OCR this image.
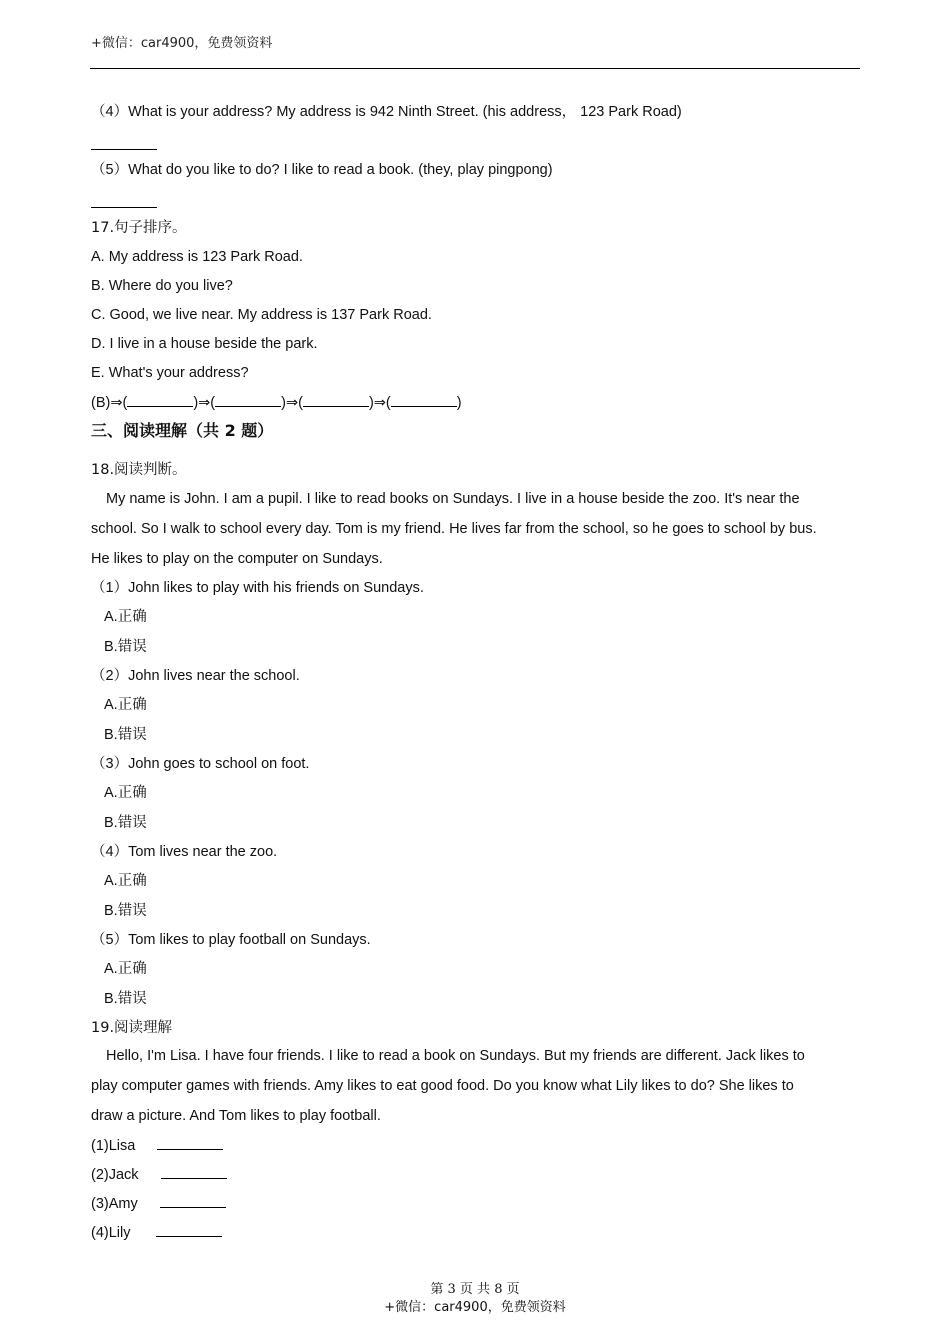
+微信：car4900，免费领资料
（4）What is your address? My address is 942 Ninth Street. (his address， 123 Park Road)
（5）What do you like to do? I like to read a book. (they, play pingpong)
17.句子排序。
A. My address is 123 Park Road.
B. Where do you live?
C. Good, we live near. My address is 137 Park Road.
D. I live in a house beside the park.
E. What's your address?
(B)⇒(	)⇒(	)⇒(	)⇒(	)
三、阅读理解（共 2 题）
18.阅读判断。
My name is John. I am a pupil. I like to read books on Sundays. I live in a house beside the zoo. It's near the
school. So I walk to school every day. Tom is my friend. He lives far from the school, so he goes to school by bus.
He likes to play on the computer on Sundays.
（1）John likes to play with his friends on Sundays.
A.正确
B.错误
（2）John lives near the school.
A.正确
B.错误
（3）John goes to school on foot.
A.正确
B.错误
（4）Tom lives near the zoo.
A.正确
B.错误
（5）Tom likes to play football on Sundays.
A.正确
B.错误
19.阅读理解
Hello, I'm Lisa. I have four friends. I like to read a book on Sundays. But my friends are different. Jack likes to
play computer games with friends. Amy likes to eat good food. Do you know what Lily likes to do? She likes to
draw a picture. And Tom likes to play football.
(1)Lisa
(2)Jack
(3)Amy
(4)Lily
第 3 页 共 8 页
+微信：car4900，免费领资料
